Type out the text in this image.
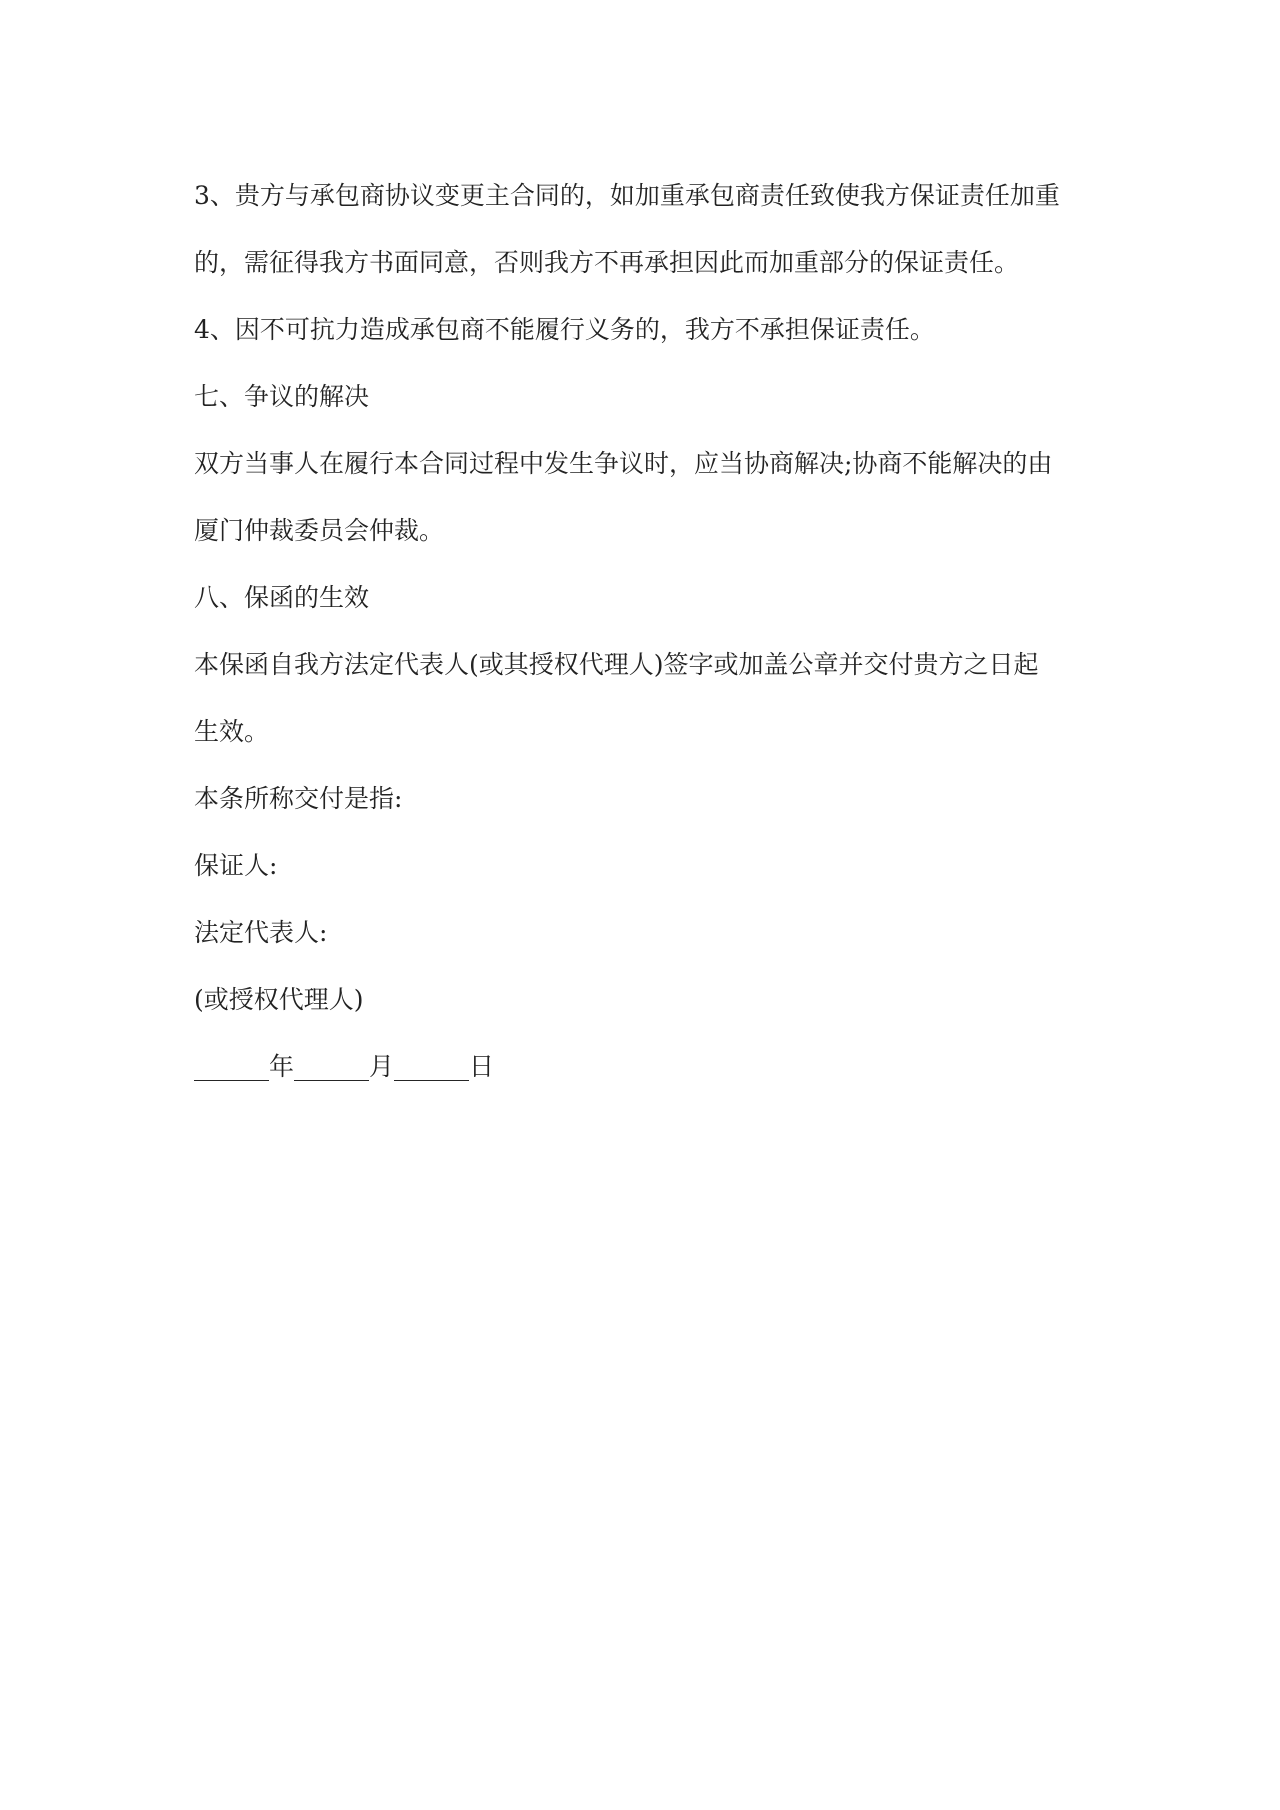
3、贵方与承包商协议变更主合同的，如加重承包商责任致使我方保证责任加重

的，需征得我方书面同意，否则我方不再承担因此而加重部分的保证责任。

4、因不可抗力造成承包商不能履行义务的，我方不承担保证责任。

七、争议的解决

双方当事人在履行本合同过程中发生争议时，应当协商解决;协商不能解决的由

厦门仲裁委员会仲裁。

八、保函的生效

本保函自我方法定代表人(或其授权代理人)签字或加盖公章并交付贵方之日起

生效。

本条所称交付是指:

保证人:

法定代表人:

(或授权代理人)

______年______月______日
